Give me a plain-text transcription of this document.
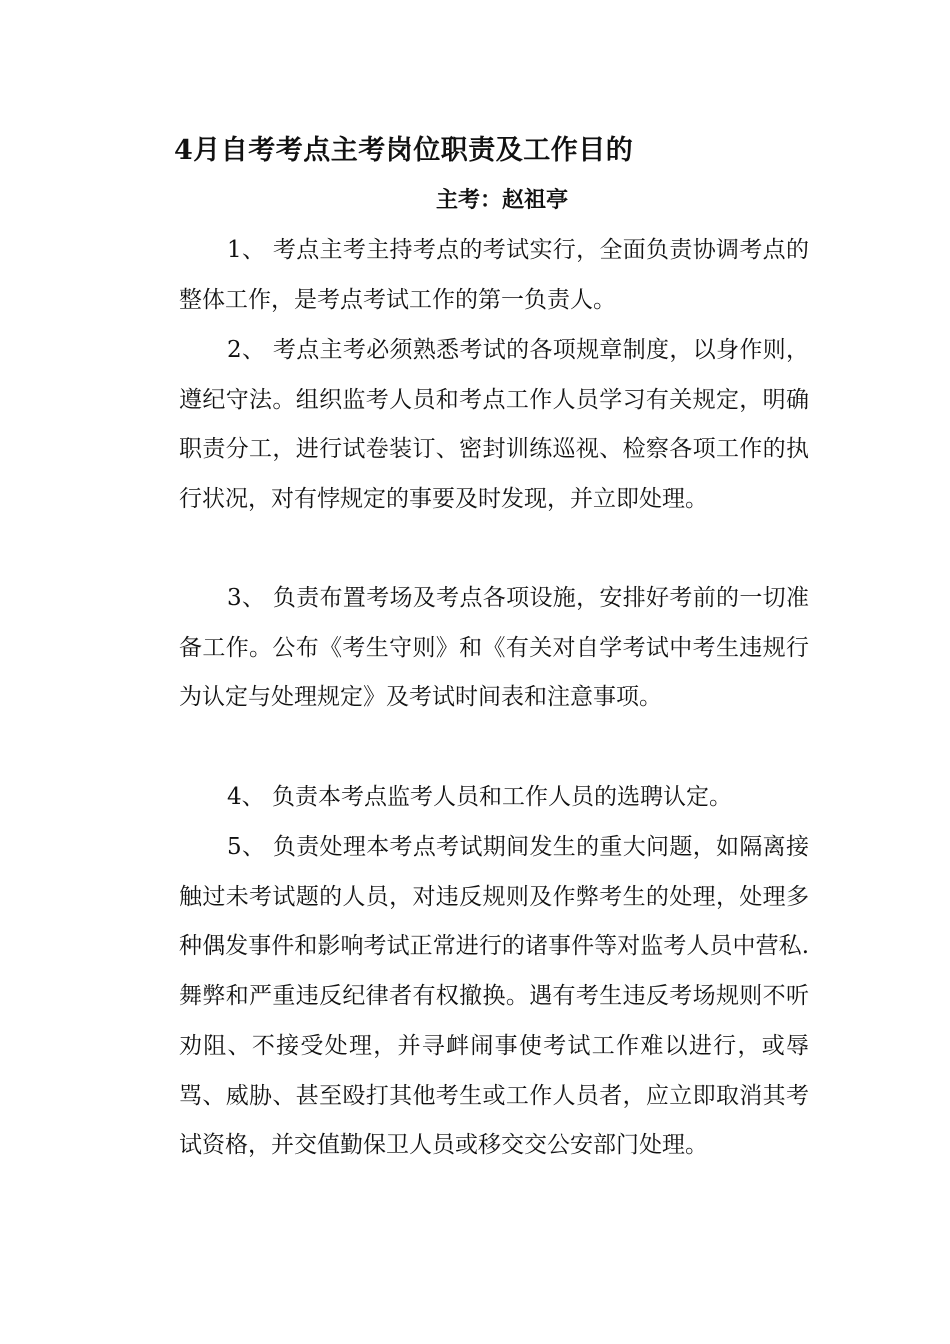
4月自考考点主考岗位职责及工作目的
主考：赵祖亭

1、 考点主考主持考点的考试实行，全面负责协调考点的整体工作，是考点考试工作的第一负责人。

2、 考点主考必须熟悉考试的各项规章制度，以身作则，遵纪守法。组织监考人员和考点工作人员学习有关规定，明确职责分工，进行试卷装订、密封训练巡视、检察各项工作的执行状况，对有悖规定的事要及时发现，并立即处理。

3、 负责布置考场及考点各项设施，安排好考前的一切准备工作。公布《考生守则》和《有关对自学考试中考生违规行为认定与处理规定》及考试时间表和注意事项。

4、 负责本考点监考人员和工作人员的选聘认定。

5、 负责处理本考点考试期间发生的重大问题，如隔离接触过未考试题的人员，对违反规则及作弊考生的处理，处理多种偶发事件和影响考试正常进行的诸事件等对监考人员中营私.舞弊和严重违反纪律者有权撤换。遇有考生违反考场规则不听劝阻、不接受处理，并寻衅闹事使考试工作难以进行，或辱骂、威胁、甚至殴打其他考生或工作人员者，应立即取消其考试资格，并交值勤保卫人员或移交交公安部门处理。
